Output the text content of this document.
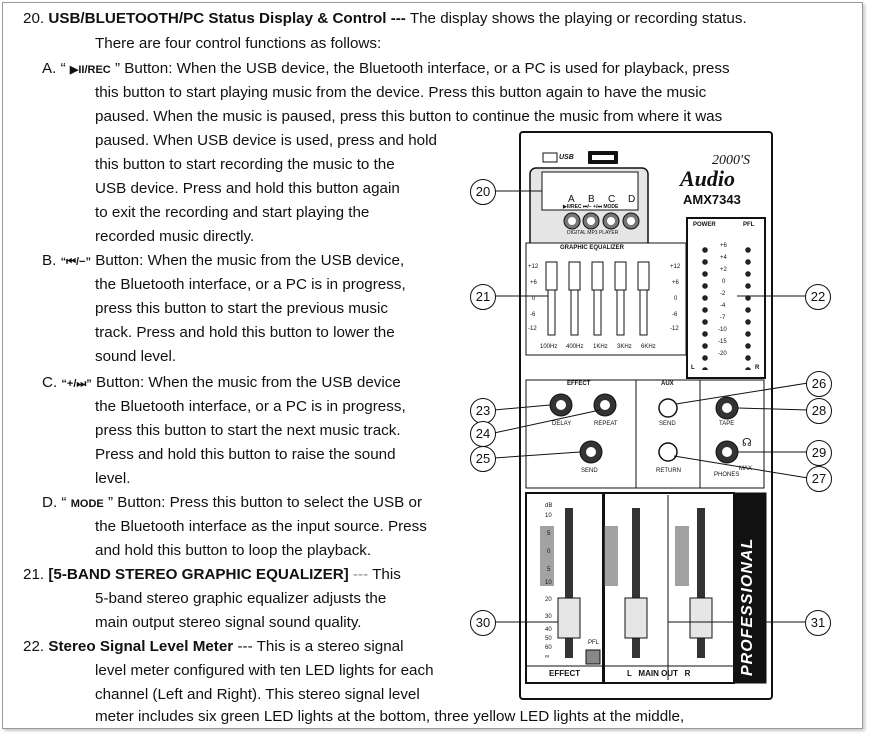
20. USB/BLUETOOTH/PC Status Display & Control --- The display shows the playing or recording status.
There are four control functions as follows:
A. “ ▶II/REC ” Button: When the USB device, the Bluetooth interface, or a PC is used for playback, press
this button to start playing music from the device. Press this button again to have the music
paused. When the music is paused, press this button to continue the music from where it was
paused. When USB device is used, press and hold
this button to start recording the music to the
USB device. Press and hold this button again
to exit the recording and start playing the
recorded music directly.
B. “⏮/−” Button: When the music from the USB device,
the Bluetooth interface, or a PC is in progress,
press this button to start the previous music
track. Press and hold this button to lower the
sound level.
C. “+/⏭” Button: When the music from the USB device
the Bluetooth interface, or a PC is in progress,
press this button to start the next music track.
Press and hold this button to raise the sound
level.
D. “ MODE ” Button: Press this button to select the USB or
the Bluetooth interface as the input source. Press
and hold this button to loop the playback.
21. [5-BAND STEREO GRAPHIC EQUALIZER] --- This
5-band stereo graphic equalizer adjusts the
main output stereo signal sound quality.
22. Stereo Signal Level Meter --- This is a stereo signal
level meter configured with ten LED lights for each
channel (Left and Right). This stereo signal level
meter includes six green LED lights at the bottom, three yellow LED lights at the middle,
2000'S
Audio
AMX7343
USB
A B C D
▶II/REC ⏮/− +/⏭ MODE
DIGITAL MP3 PLAYER
GRAPHIC EQUALIZER
+12
+6
0
-6
-12
+12
+6
0
-6
-12
100Hz 400Hz 1KHz 3KHz 6KHz
POWER	PFL
+6
+4
+2
0
-2
-4
-7
-10
-15
-20
L	R
EFFECT	AUX
DELAY	REPEAT
SEND
SEND	TAPE
RETURN
PHONES
MAX
☊
dB
10
5
0
5
10
20
30
40
50
60
∞
PFL
EFFECT	L   MAIN OUT   R	PROFESSIONAL
20
21	22
23
24
25
26
27
28
29
30	31
